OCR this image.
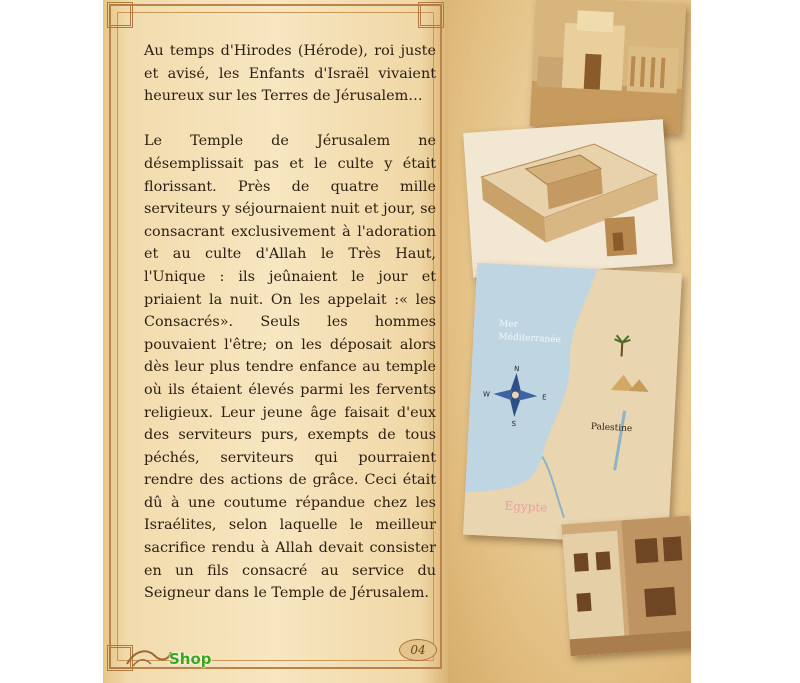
Au temps d'Hirodes (Hérode), roi juste et avisé, les Enfants d'Israël vivaient heureux sur les Terres de Jérusalem…

Le Temple de Jérusalem ne désemplissait pas et le culte y était florissant. Près de quatre mille serviteurs y séjournaient nuit et jour, se consacrant exclusivement à l'adoration et au culte d'Allah le Très Haut, l'Unique : ils jeûnaient le jour et priaient la nuit. On les appelait :« les Consacrés». Seuls les hommes pouvaient l'être; on les déposait alors dès leur plus tendre enfance au temple où ils étaient élevés parmi les fervents religieux. Leur jeune âge faisait d'eux des serviteurs purs, exempts de tous péchés, serviteurs qui pourraient rendre des actions de grâce. Ceci était dû à une coutume répandue chez les Israélites, selon laquelle le meilleur sacrifice rendu à Allah devait consister en un fils consacré au service du Seigneur dans le Temple de Jérusalem.

Shop	04
N
S
W	E
Mer
Méditerranée
Palestine
Egypte
